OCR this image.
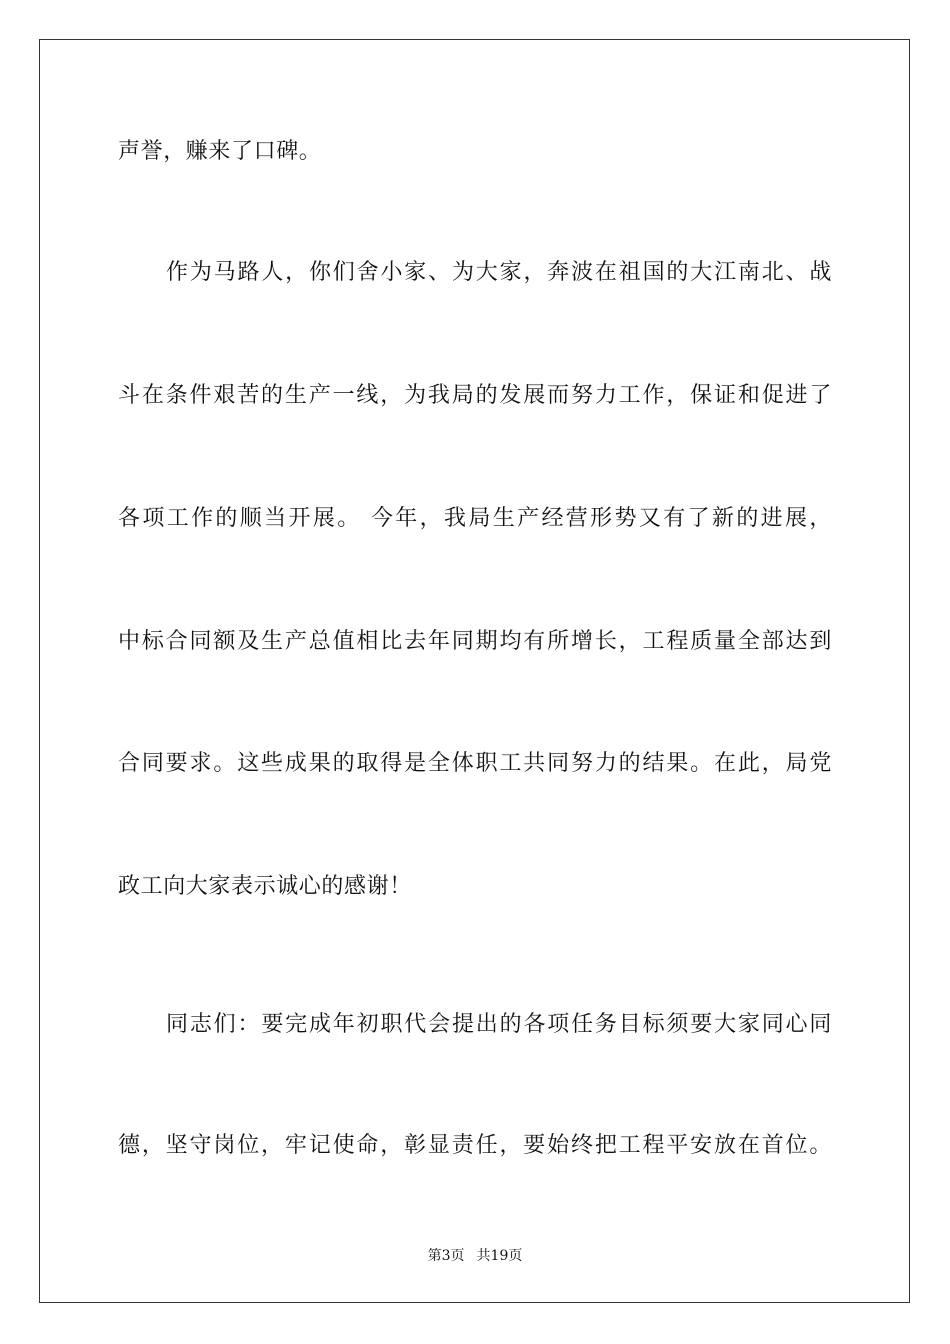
声誉，赚来了口碑。
作为马路人，你们舍小家、为大家，奔波在祖国的大江南北、战
斗在条件艰苦的生产一线，为我局的发展而努力工作，保证和促进了
各项工作的顺当开展。 今年，我局生产经营形势又有了新的进展，
中标合同额及生产总值相比去年同期均有所增长，工程质量全部达到
合同要求。这些成果的取得是全体职工共同努力的结果。在此，局党
政工向大家表示诚心的感谢！
同志们：要完成年初职代会提出的各项任务目标须要大家同心同
德，坚守岗位，牢记使命，彰显责任，要始终把工程平安放在首位。
第3页 共19页
